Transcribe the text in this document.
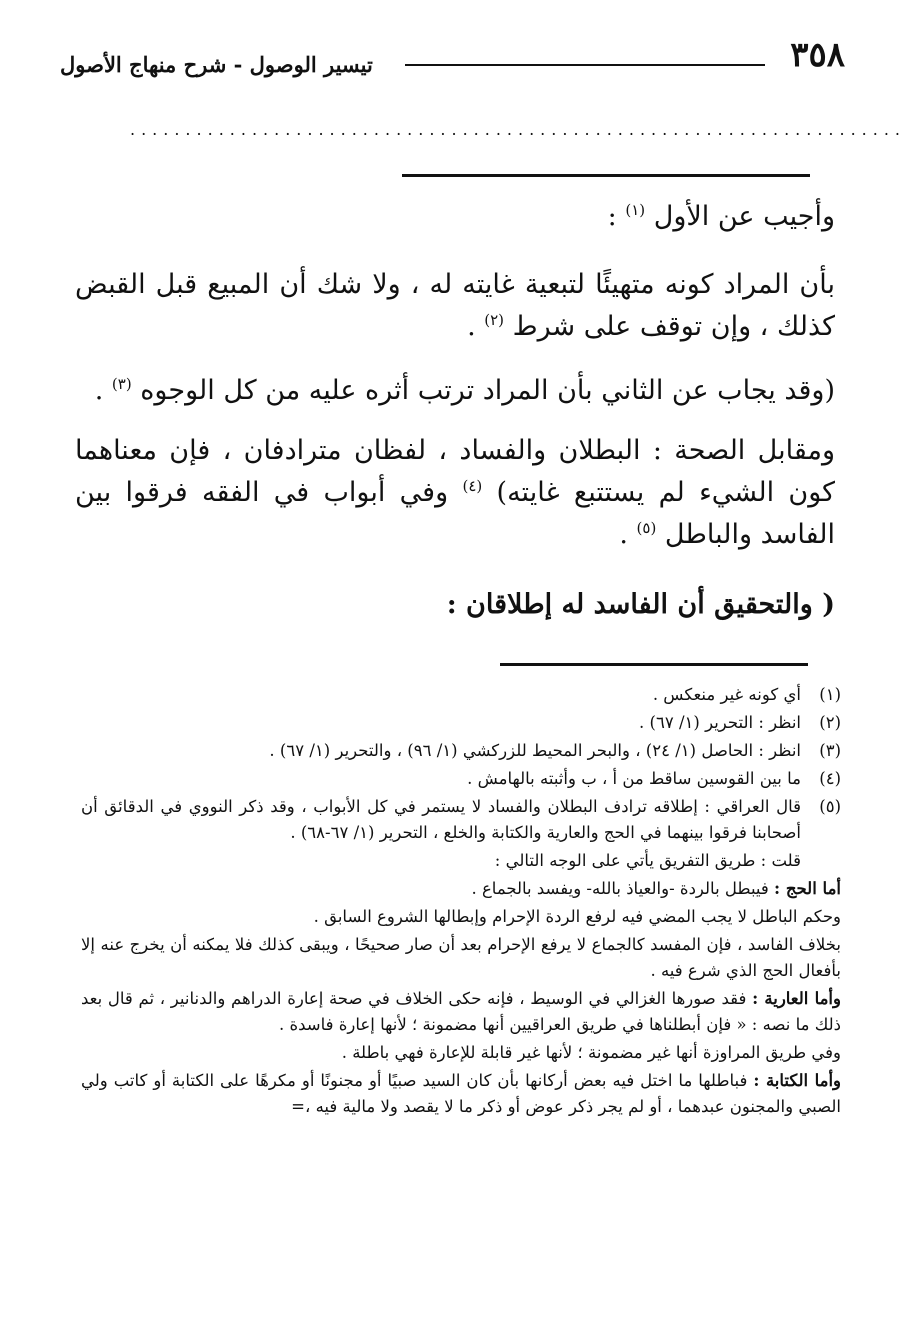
٣٥٨
تيسير الوصول - شرح منهاج الأصول
......................................................................

وأجيب عن الأول $^{(١)}$ :

بأن المراد كونه متهيئًا لتبعية غايته له ، ولا شك أن المبيع قبل القبض كذلك ، وإن توقف على شرط $^{(٢)}$ .

(وقد يجاب عن الثاني بأن المراد ترتب أثره عليه من كل الوجوه $^{(٣)}$ .

ومقابل الصحة : البطلان والفساد ، لفظان مترادفان ، فإن معناهما كون الشيء لم يستتبع غايته) $^{(٤)}$ وفي أبواب في الفقه فرقوا بين الفاسد والباطل $^{(٥)}$ .

( والتحقيق أن الفاسد له إطلاقان :

(١)
أي كونه غير منعكس .
(٢)
انظر : التحرير (١/ ٦٧) .
(٣)
انظر : الحاصل (١/ ٢٤) ، والبحر المحيط للزركشي (١/ ٩٦) ، والتحرير (١/ ٦٧) .
(٤)
ما بين القوسين ساقط من أ ، ب وأثبته بالهامش .
(٥)
قال العراقي : إطلاقه ترادف البطلان والفساد لا يستمر في كل الأبواب ، وقد ذكر النووي في الدقائق أن أصحابنا فرقوا بينهما في الحج والعارية والكتابة والخلع ، التحرير (١/ ٦٧-٦٨) .
قلت : طريق التفريق يأتي على الوجه التالي :
أما الحج : فيبطل بالردة -والعياذ بالله- ويفسد بالجماع .
وحكم الباطل لا يجب المضي فيه لرفع الردة الإحرام وإبطالها الشروع السابق .
بخلاف الفاسد ، فإن المفسد كالجماع لا يرفع الإحرام بعد أن صار صحيحًا ، ويبقى كذلك فلا يمكنه أن يخرج عنه إلا بأفعال الحج الذي شرع فيه .
وأما العارية : فقد صورها الغزالي في الوسيط ، فإنه حكى الخلاف في صحة إعارة الدراهم والدنانير ، ثم قال بعد ذلك ما نصه : « فإن أبطلناها في طريق العراقيين أنها مضمونة ؛ لأنها إعارة فاسدة .
وفي طريق المراوزة أنها غير مضمونة ؛ لأنها غير قابلة للإعارة فهي باطلة .
وأما الكتابة : فباطلها ما اختل فيه بعض أركانها بأن كان السيد صبيًا أو مجنونًا أو مكرهًا على الكتابة أو كاتب ولي الصبي والمجنون عبدهما ، أو لم يجر ذكر عوض أو ذكر ما لا يقصد ولا مالية فيه ،=
